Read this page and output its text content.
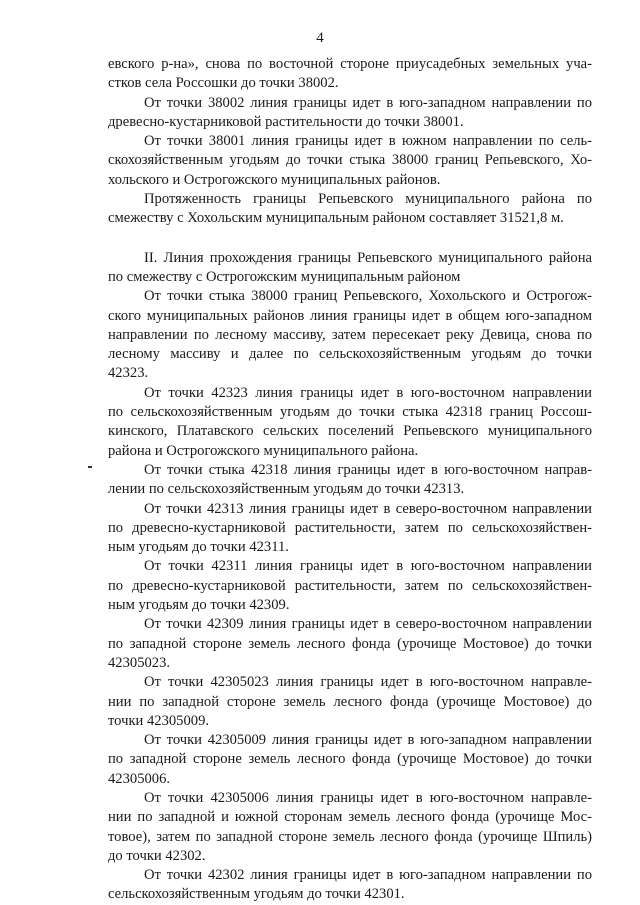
4
евского р-на», снова по восточной стороне приусадебных земельных уча-
стков села Россошки до точки 38002.
От точки 38002 линия границы идет в юго-западном направлении по
древесно-кустарниковой растительности до точки 38001.
От точки 38001 линия границы идет в южном направлении по сель-
скохозяйственным угодьям до точки стыка 38000 границ Репьевского, Хо-
хольского и Острогожского муниципальных районов.
Протяженность границы Репьевского муниципального района по
смежеству с Хохольским муниципальным районом составляет 31521,8 м.
II. Линия прохождения границы Репьевского муниципального района
по смежеству с Острогожским муниципальным районом
От точки стыка 38000 границ Репьевского, Хохольского и Острогож-
ского муниципальных районов линия границы идет в общем юго-западном
направлении по лесному массиву, затем пересекает реку Девица, снова по
лесному массиву и далее по сельскохозяйственным угодьям до точки
42323.
От точки 42323 линия границы идет в юго-восточном направлении
по сельскохозяйственным угодьям до точки стыка 42318 границ Россош-
кинского, Платавского сельских поселений Репьевского муниципального
района и Острогожского муниципального района.
От точки стыка 42318 линия границы идет в юго-восточном направ-
лении по сельскохозяйственным угодьям до точки 42313.
От точки 42313 линия границы идет в северо-восточном направлении
по древесно-кустарниковой растительности, затем по сельскохозяйствен-
ным угодьям до точки 42311.
От точки 42311 линия границы идет в юго-восточном направлении
по древесно-кустарниковой растительности, затем по сельскохозяйствен-
ным угодьям до точки 42309.
От точки 42309 линия границы идет в северо-восточном направлении
по западной стороне земель лесного фонда (урочище Мостовое) до точки
42305023.
От точки 42305023 линия границы идет в юго-восточном направле-
нии по западной стороне земель лесного фонда (урочище Мостовое) до
точки 42305009.
От точки 42305009 линия границы идет в юго-западном направлении
по западной стороне земель лесного фонда (урочище Мостовое) до точки
42305006.
От точки 42305006 линия границы идет в юго-восточном направле-
нии по западной и южной сторонам земель лесного фонда (урочище Мос-
товое), затем по западной стороне земель лесного фонда (урочище Шпиль)
до точки 42302.
От точки 42302 линия границы идет в юго-западном направлении по
сельскохозяйственным угодьям до точки 42301.
